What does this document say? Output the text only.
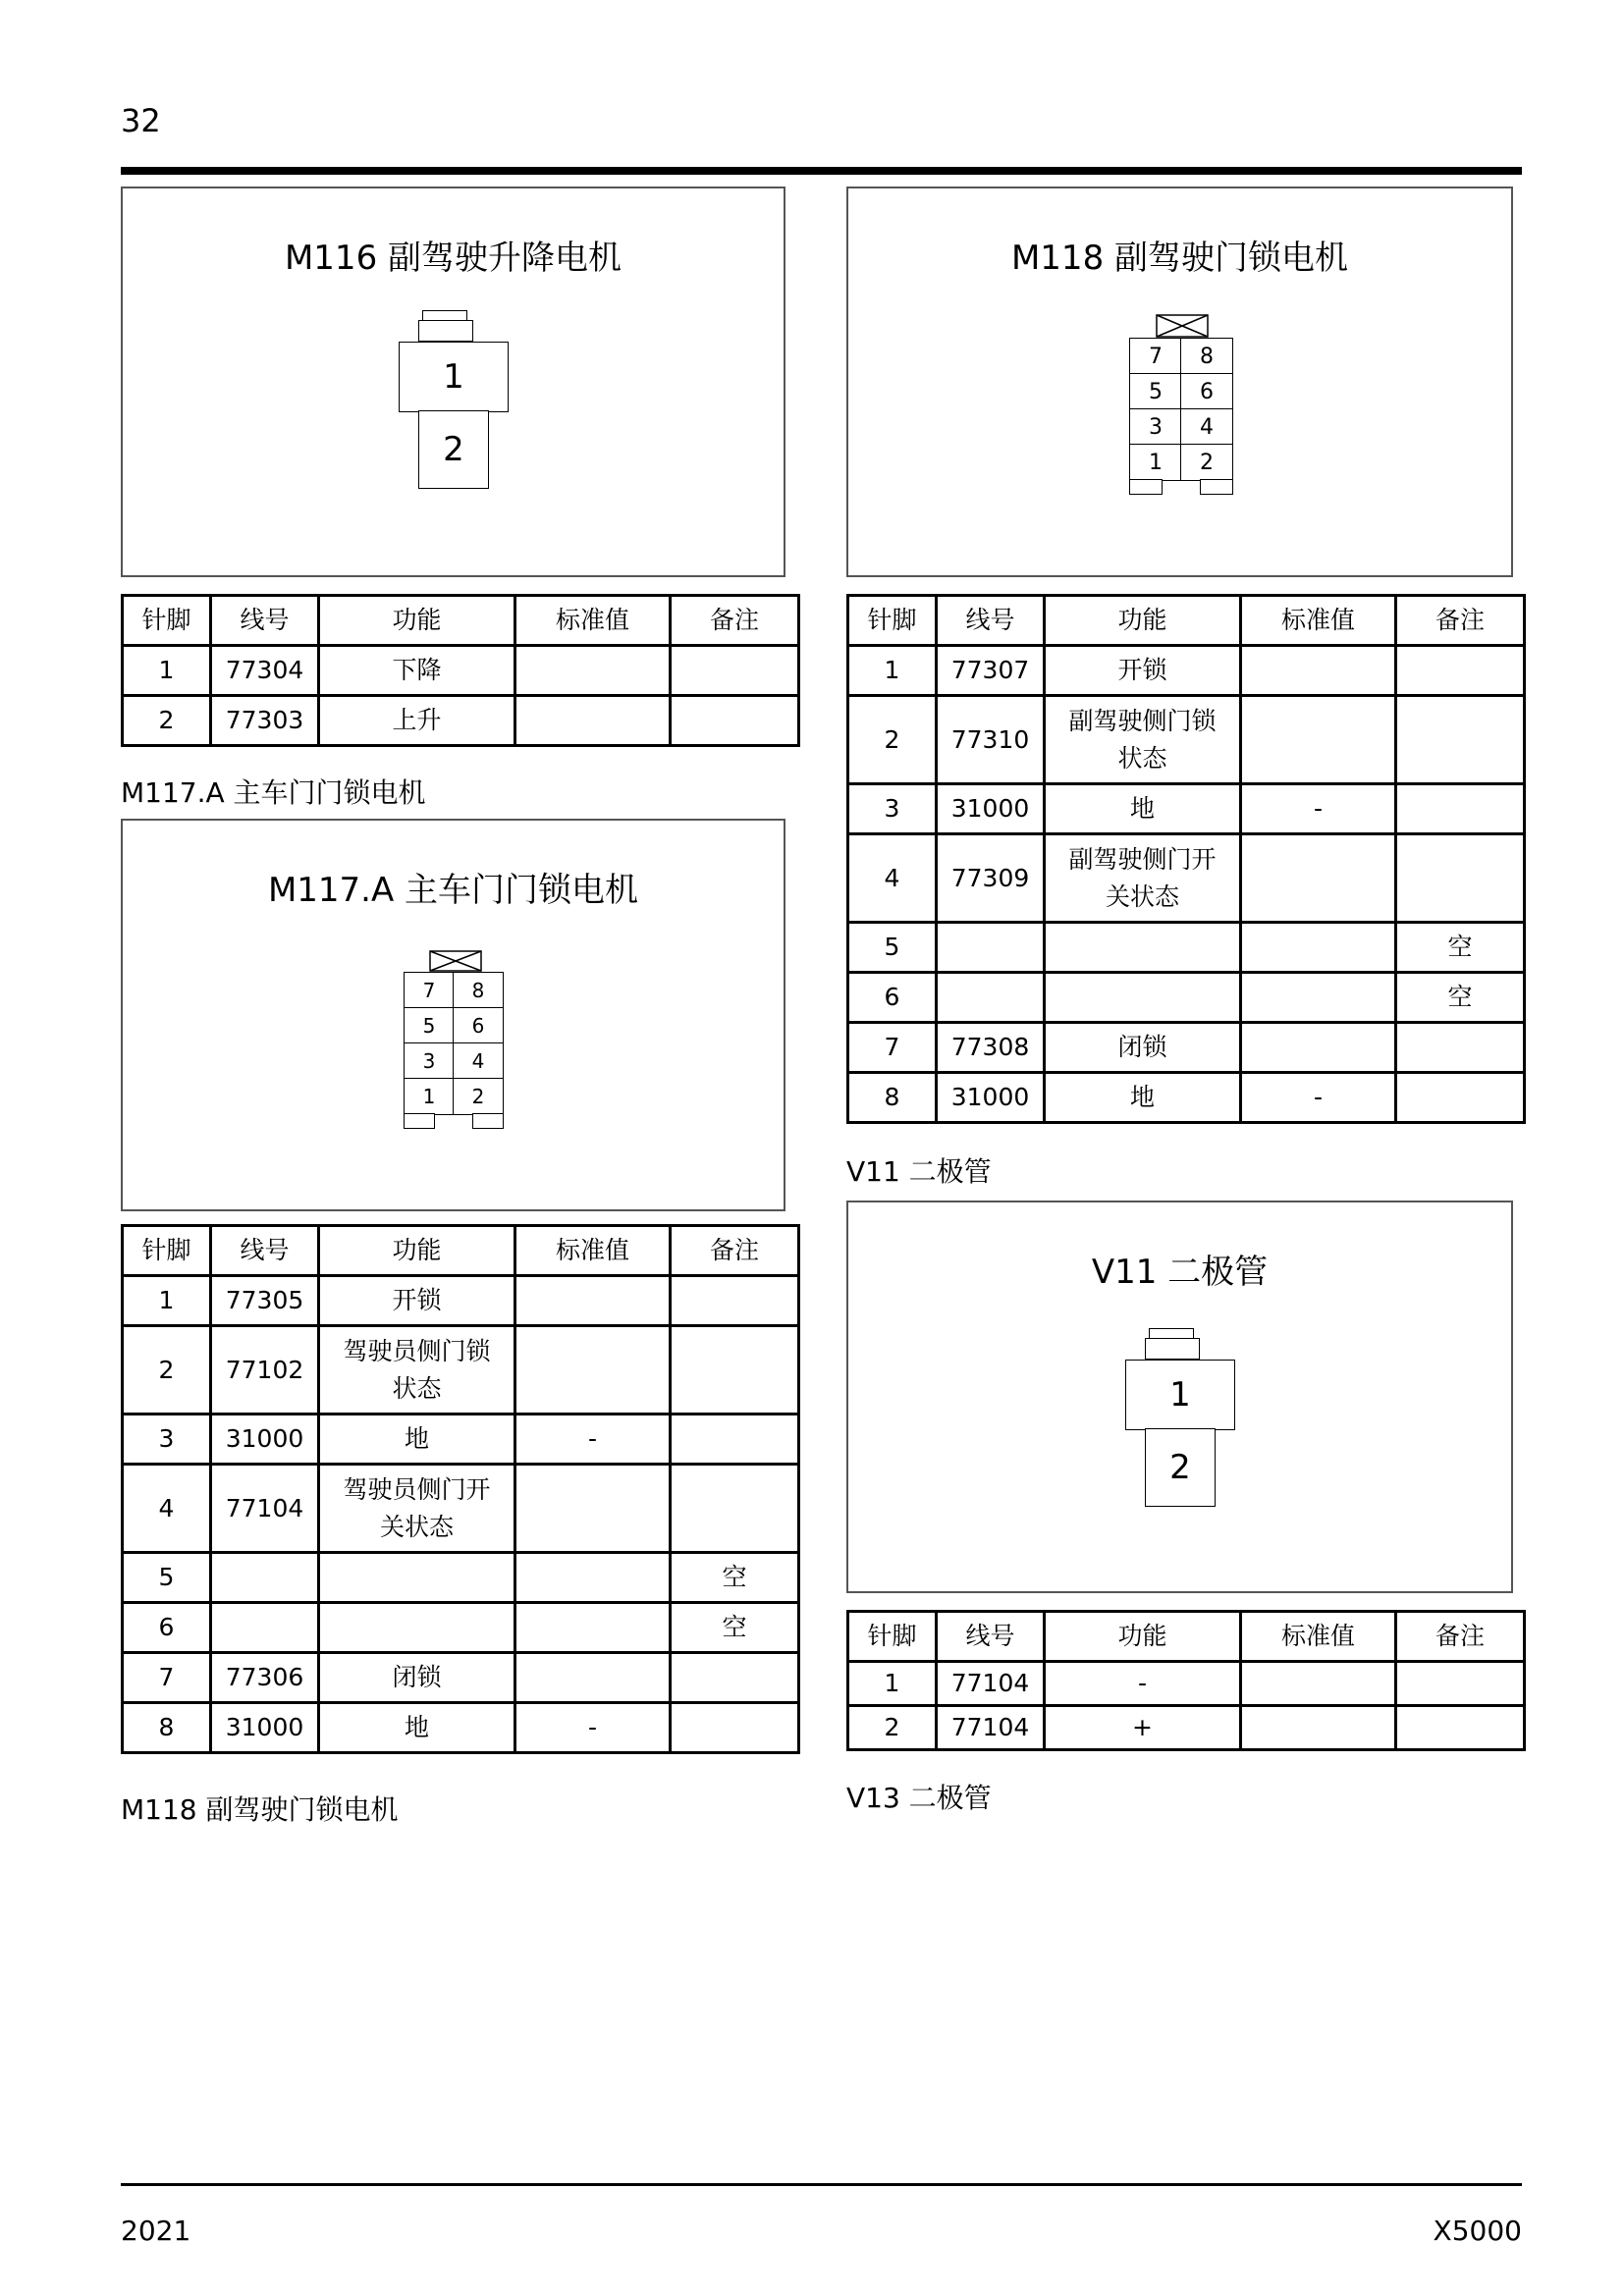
32
2021	X5000
M116 副驾驶升降电机
1
2
针脚	线号	功能	标准值	备注
1	77304	下降		
2	77303	上升		
M117.A 主车门门锁电机
M117.A 主车门门锁电机
7	8
5	6
3	4
1	2
针脚	线号	功能	标准值	备注
1	77305	开锁		
2	77102	驾驶员侧门锁
状态		

3	31000	地	-	
4	77104	驾驶员侧门开
关状态		

5				空
6				空
7	77306	闭锁		
8	31000	地	-	
M118 副驾驶门锁电机
M118 副驾驶门锁电机
7	8
5	6
3	4
1	2
针脚	线号	功能	标准值	备注
1	77307	开锁		
2	77310	副驾驶侧门锁
状态		

3	31000	地	-	
4	77309	副驾驶侧门开
关状态		

5				空
6				空
7	77308	闭锁		
8	31000	地	-	
V11 二极管
V11 二极管
1
2
针脚	线号	功能	标准值	备注
1	77104	-		
2	77104	+		
V13 二极管
